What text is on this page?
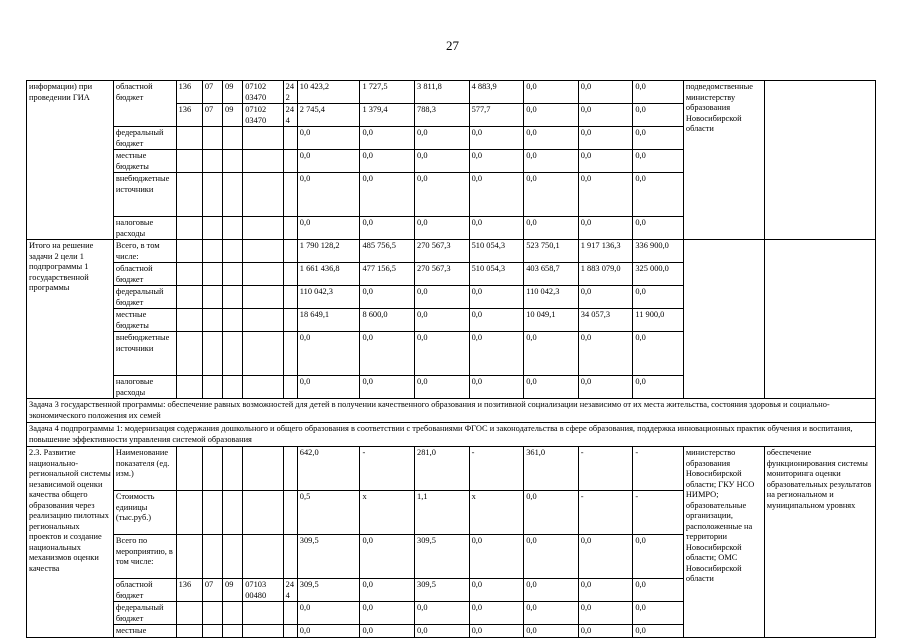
27
информации) при проведении ГИА	областной бюджет	136	07	09	07102 03470	242	10 423,2	1 727,5	3 811,8	4 883,9	0,0	0,0	0,0	подведомственные министерству образования Новосибирской области	
		136	07	09	07102 03470	244	2 745,4	1 379,4	788,3	577,7	0,0	0,0	0,0		
	федеральный бюджет						0,0	0,0	0,0	0,0	0,0	0,0	0,0		
	местные бюджеты						0,0	0,0	0,0	0,0	0,0	0,0	0,0		
	внебюджетные источники						0,0	0,0	0,0	0,0	0,0	0,0	0,0		
	налоговые расходы						0,0	0,0	0,0	0,0	0,0	0,0	0,0		
Итого на решение задачи 2 цели 1 подпрограммы 1 государственной программы	Всего, в том числе:						1 790 128,2	485 756,5	270 567,3	510 054,3	523 750,1	1 917 136,3	336 900,0		
	областной бюджет						1 661 436,8	477 156,5	270 567,3	510 054,3	403 658,7	1 883 079,0	325 000,0		
	федеральный бюджет						110 042,3	0,0	0,0	0,0	110 042,3	0,0	0,0		
	местные бюджеты						18 649,1	8 600,0	0,0	0,0	10 049,1	34 057,3	11 900,0		
	внебюджетные источники						0,0	0,0	0,0	0,0	0,0	0,0	0,0		
	налоговые расходы						0,0	0,0	0,0	0,0	0,0	0,0	0,0		
Задача 3 государственной программы: обеспечение равных возможностей для детей в получении качественного образования и позитивной социализации независимо от их места жительства, состояния здоровья и социально-экономического положения их семей															
Задача 4 подпрограммы 1: модернизация содержания дошкольного и общего образования в соответствии с требованиями ФГОС и законодательства в сфере образования, поддержка инновационных практик обучения и воспитания, повышение эффективности управления системой образования															
2.3. Развитие национально-региональной системы независимой оценки качества общего образования через реализацию пилотных региональных проектов и создание национальных механизмов оценки качества	Наименование показателя (ед. изм.)						642,0	-	281,0	-	361,0	-	-	министерство образования Новосибирской области; ГКУ НСО НИМРО; образовательные организации, расположенные на территории Новосибирской области; ОМС Новосибирской области	обеспечение функционирования системы мониторинга оценки образовательных результатов на региональном и муниципальном уровнях
	Стоимость единицы (тыс.руб.)						0,5	x	1,1	x	0,0	-	-		
	Всего по мероприятию, в том числе:						309,5	0,0	309,5	0,0	0,0	0,0	0,0		
	областной бюджет	136	07	09	07103 00480	244	309,5	0,0	309,5	0,0	0,0	0,0	0,0		
	федеральный бюджет						0,0	0,0	0,0	0,0	0,0	0,0	0,0		
	местные						0,0	0,0	0,0	0,0	0,0	0,0	0,0		
